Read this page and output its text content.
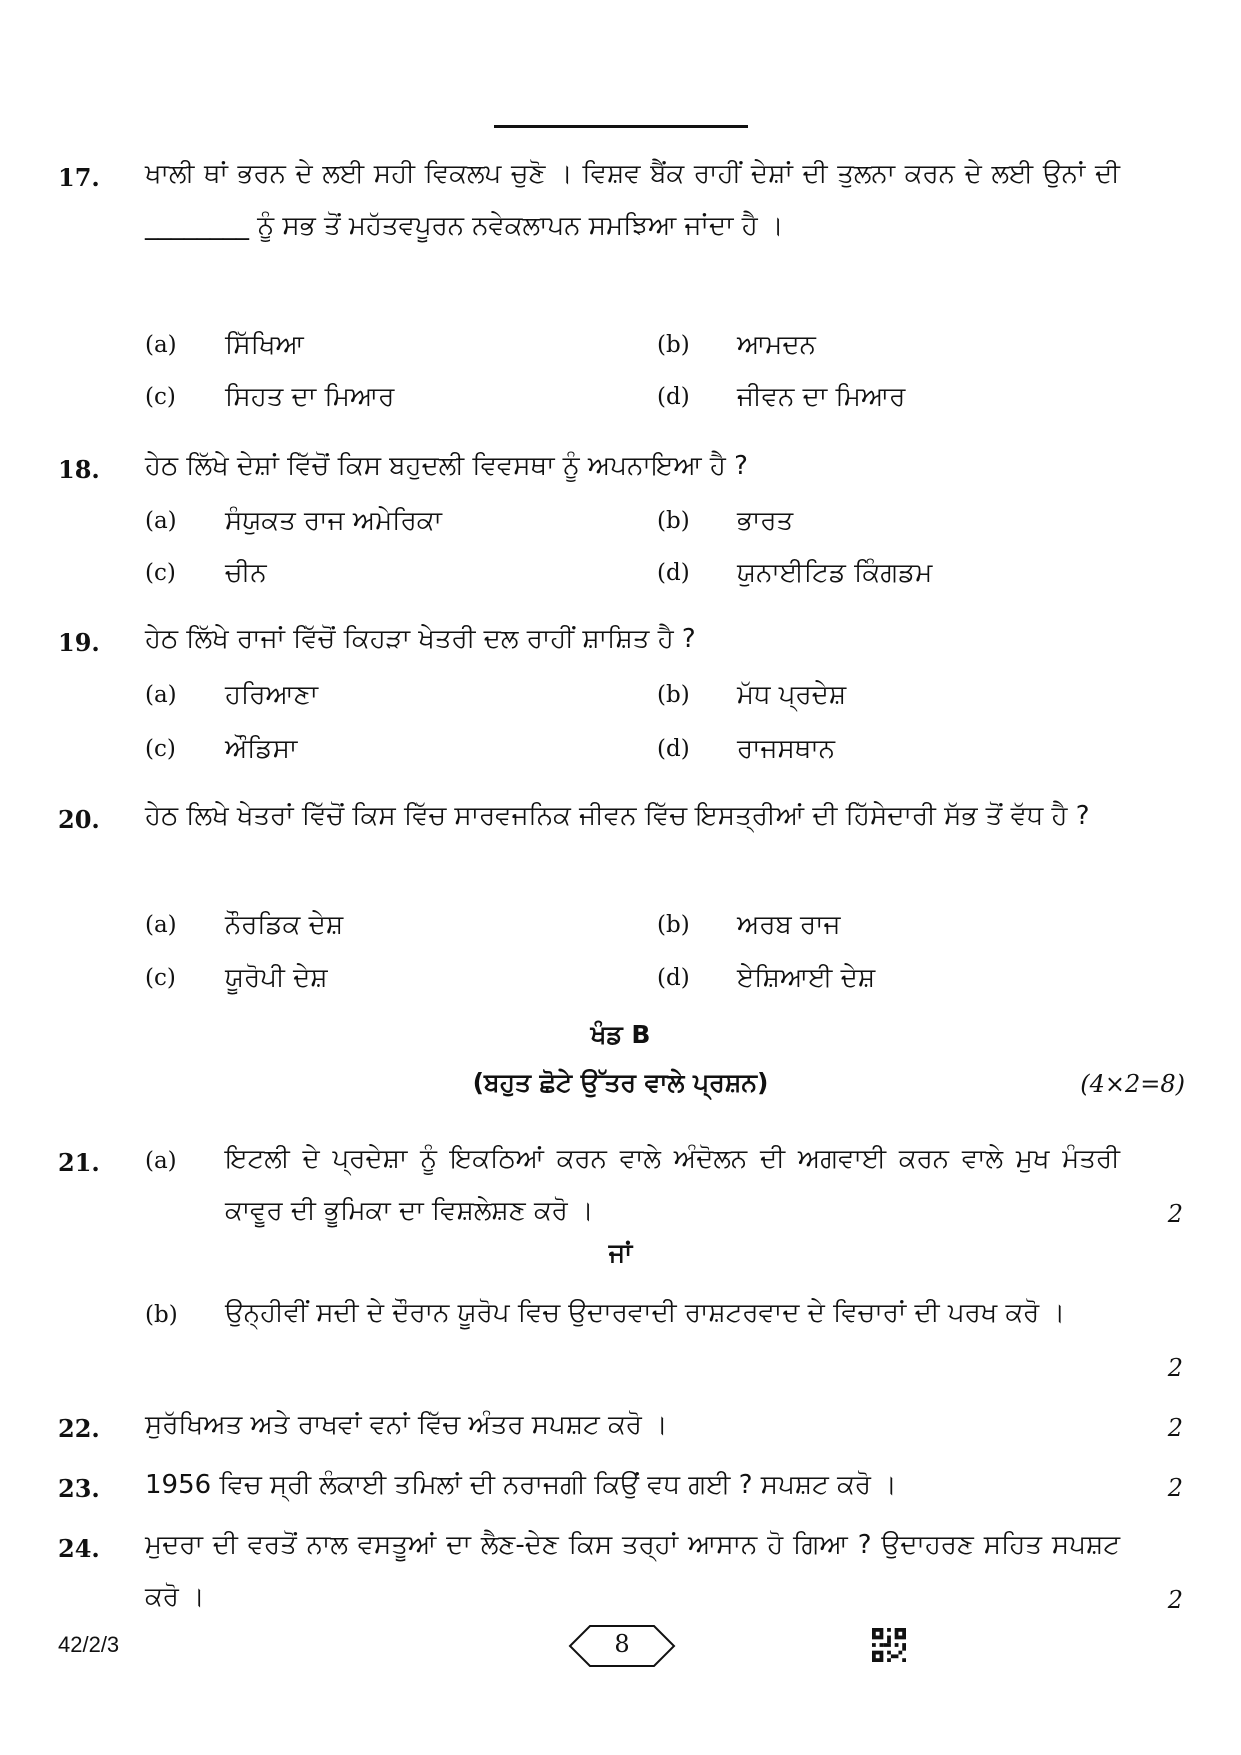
17.	ਖਾਲੀ ਥਾਂ ਭਰਨ ਦੇ ਲਈ ਸਹੀ ਵਿਕਲਪ ਚੁਣੋ । ਵਿਸ਼ਵ ਬੈਂਕ ਰਾਹੀਂ ਦੇਸ਼ਾਂ ਦੀ ਤੁਲਨਾ ਕਰਨ ਦੇ ਲਈ ਉਨਾਂ ਦੀ ________ ਨੂੰ ਸਭ ਤੋਂ ਮਹੱਤਵਪੂਰਨ ਨਵੇਕਲਾਪਨ ਸਮਝਿਆ ਜਾਂਦਾ ਹੈ ।
(a) ਸਿੱਖਿਆ	(b) ਆਮਦਨ
(c) ਸਿਹਤ ਦਾ ਮਿਆਰ	(d) ਜੀਵਨ ਦਾ ਮਿਆਰ
18.	ਹੇਠ ਲਿੱਖੇ ਦੇਸ਼ਾਂ ਵਿੱਚੋਂ ਕਿਸ ਬਹੁਦਲੀ ਵਿਵਸਥਾ ਨੂੰ ਅਪਨਾਇਆ ਹੈ ?
(a) ਸੰਯੁਕਤ ਰਾਜ ਅਮੇਰਿਕਾ	(b) ਭਾਰਤ
(c) ਚੀਨ	(d) ਯੁਨਾਈਟਿਡ ਕਿੰਗਡਮ
19.	ਹੇਠ ਲਿੱਖੇ ਰਾਜਾਂ ਵਿੱਚੋਂ ਕਿਹੜਾ ਖੇਤਰੀ ਦਲ ਰਾਹੀਂ ਸ਼ਾਸ਼ਿਤ ਹੈ ?
(a) ਹਰਿਆਣਾ	(b) ਮੱਧ ਪ੍ਰਦੇਸ਼
(c) ਔਡਿਸਾ	(d) ਰਾਜਸਥਾਨ
20.	ਹੇਠ ਲਿਖੇ ਖੇਤਰਾਂ ਵਿੱਚੋਂ ਕਿਸ ਵਿੱਚ ਸਾਰਵਜਨਿਕ ਜੀਵਨ ਵਿੱਚ ਇਸਤ੍ਰੀਆਂ ਦੀ ਹਿੱਸੇਦਾਰੀ ਸੱਭ ਤੋਂ ਵੱਧ ਹੈ ?
(a) ਨੌਰਡਿਕ ਦੇਸ਼	(b) ਅਰਬ ਰਾਜ
(c) ਯੂਰੋਪੀ ਦੇਸ਼	(d) ਏਸ਼ਿਆਈ ਦੇਸ਼
ਖੰਡ B
(ਬਹੁਤ ਛੋਟੇ ਉੱਤਰ ਵਾਲੇ ਪ੍ਰਸ਼ਨ)	(4×2=8)
21.	(a) ਇਟਲੀ ਦੇ ਪ੍ਰਦੇਸ਼ਾ ਨੂੰ ਇਕਠਿਆਂ ਕਰਨ ਵਾਲੇ ਅੰਦੋਲਨ ਦੀ ਅਗਵਾਈ ਕਰਨ ਵਾਲੇ ਮੁਖ ਮੰਤਰੀ ਕਾਵੂਰ ਦੀ ਭੂਮਿਕਾ ਦਾ ਵਿਸ਼ਲੇਸ਼ਣ ਕਰੋ ।	2
ਜਾਂ
(b) ਉਨ੍ਹੀਵੀਂ ਸਦੀ ਦੇ ਦੌਰਾਨ ਯੂਰੋਪ ਵਿਚ ਉਦਾਰਵਾਦੀ ਰਾਸ਼ਟਰਵਾਦ ਦੇ ਵਿਚਾਰਾਂ ਦੀ ਪਰਖ ਕਰੋ ।
2
22.	ਸੁਰੱਖਿਅਤ ਅਤੇ ਰਾਖਵਾਂ ਵਨਾਂ ਵਿੱਚ ਅੰਤਰ ਸਪਸ਼ਟ ਕਰੋ ।	2
23.	1956 ਵਿਚ ਸ੍ਰੀ ਲੰਕਾਈ ਤਮਿਲਾਂ ਦੀ ਨਰਾਜਗੀ ਕਿਉਂ ਵਧ ਗਈ ? ਸਪਸ਼ਟ ਕਰੋ ।	2
24.	ਮੁਦਰਾ ਦੀ ਵਰਤੋਂ ਨਾਲ ਵਸਤੂਆਂ ਦਾ ਲੈਣ-ਦੇਣ ਕਿਸ ਤਰ੍ਹਾਂ ਆਸਾਨ ਹੋ ਗਿਆ ? ਉਦਾਹਰਣ ਸਹਿਤ ਸਪਸ਼ਟ ਕਰੋ ।	2
42/2/3	8
